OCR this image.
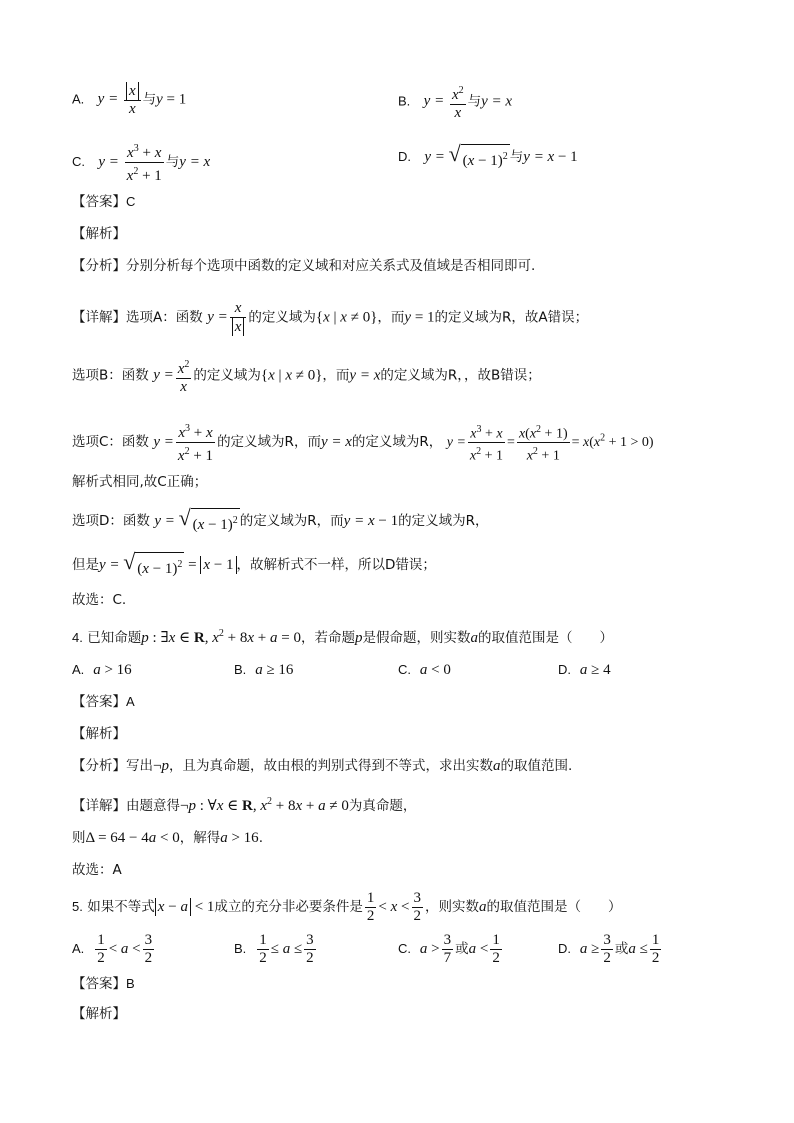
A. $y = \frac{x}{x}$ 与y = 1	B. $y = \frac{x^2}{x}$ 与y = x
C. $y = \frac{x^3 + x}{x^2 + 1}$ 与y = x	D. y = √ $(x - 1)^2$ 与y = x − 1
【答案】C
【解析】
【分析】分别分析每个选项中函数的定义域和对应关系式及值域是否相同即可.
【详解】选项A：函数 $y = \frac{x}{x}$ 的定义域为{x | x ≠ 0}，而y = 1的定义域为R，故A错误；
选项B：函数 $y = \frac{x^2}{x}$ 的定义域为{x | x ≠ 0}，而y = x的定义域为R，，故B错误；
选项C：函数 $y = \frac{x^3 + x}{x^2 + 1}$ 的定义域为R，而y = x的定义域为R， $y = \frac{x^3 + x}{x^2 + 1} = \frac{x(x^2 + 1)}{x^2 + 1} = x(x^2 + 1 > 0)$
解析式相同,故C正确；
选项D：函数 y = √ $(x - 1)^2$ 的定义域为R，而y = x − 1的定义域为R，
但是y = √ $(x - 1)^2 = x - 1$ ，故解析式不一样，所以D错误；
故选：C.
4. 已知命题p : ∃x ∈ R, $x^2 + 8x + a = 0$，若命题p是假命题，则实数a的取值范围是（　　）
A. a > 16	B. a ≥ 16	C. a < 0	D. a ≥ 4
【答案】A
【解析】
【分析】写出¬p，且为真命题，故由根的判别式得到不等式，求出实数a的取值范围.
【详解】由题意得¬p : ∀x ∈ R, $x^2 + 8x + a \ne 0$为真命题，
则Δ = 64 − 4a < 0，解得a > 16.
故选：A
5. 如果不等式 x − a < 1成立的充分非必要条件是 $\frac{1}{2} < x < \frac{3}{2}$ ，则实数a的取值范围是（　　）
A. $\frac{1}{2} < a < \frac{3}{2}$	B. $\frac{1}{2} \le a \le \frac{3}{2}$	C. $a > \frac{3}{7}$ 或$a < \frac{1}{2}$	D. $a \ge \frac{3}{2}$ 或$a \le \frac{1}{2}$
【答案】B
【解析】
